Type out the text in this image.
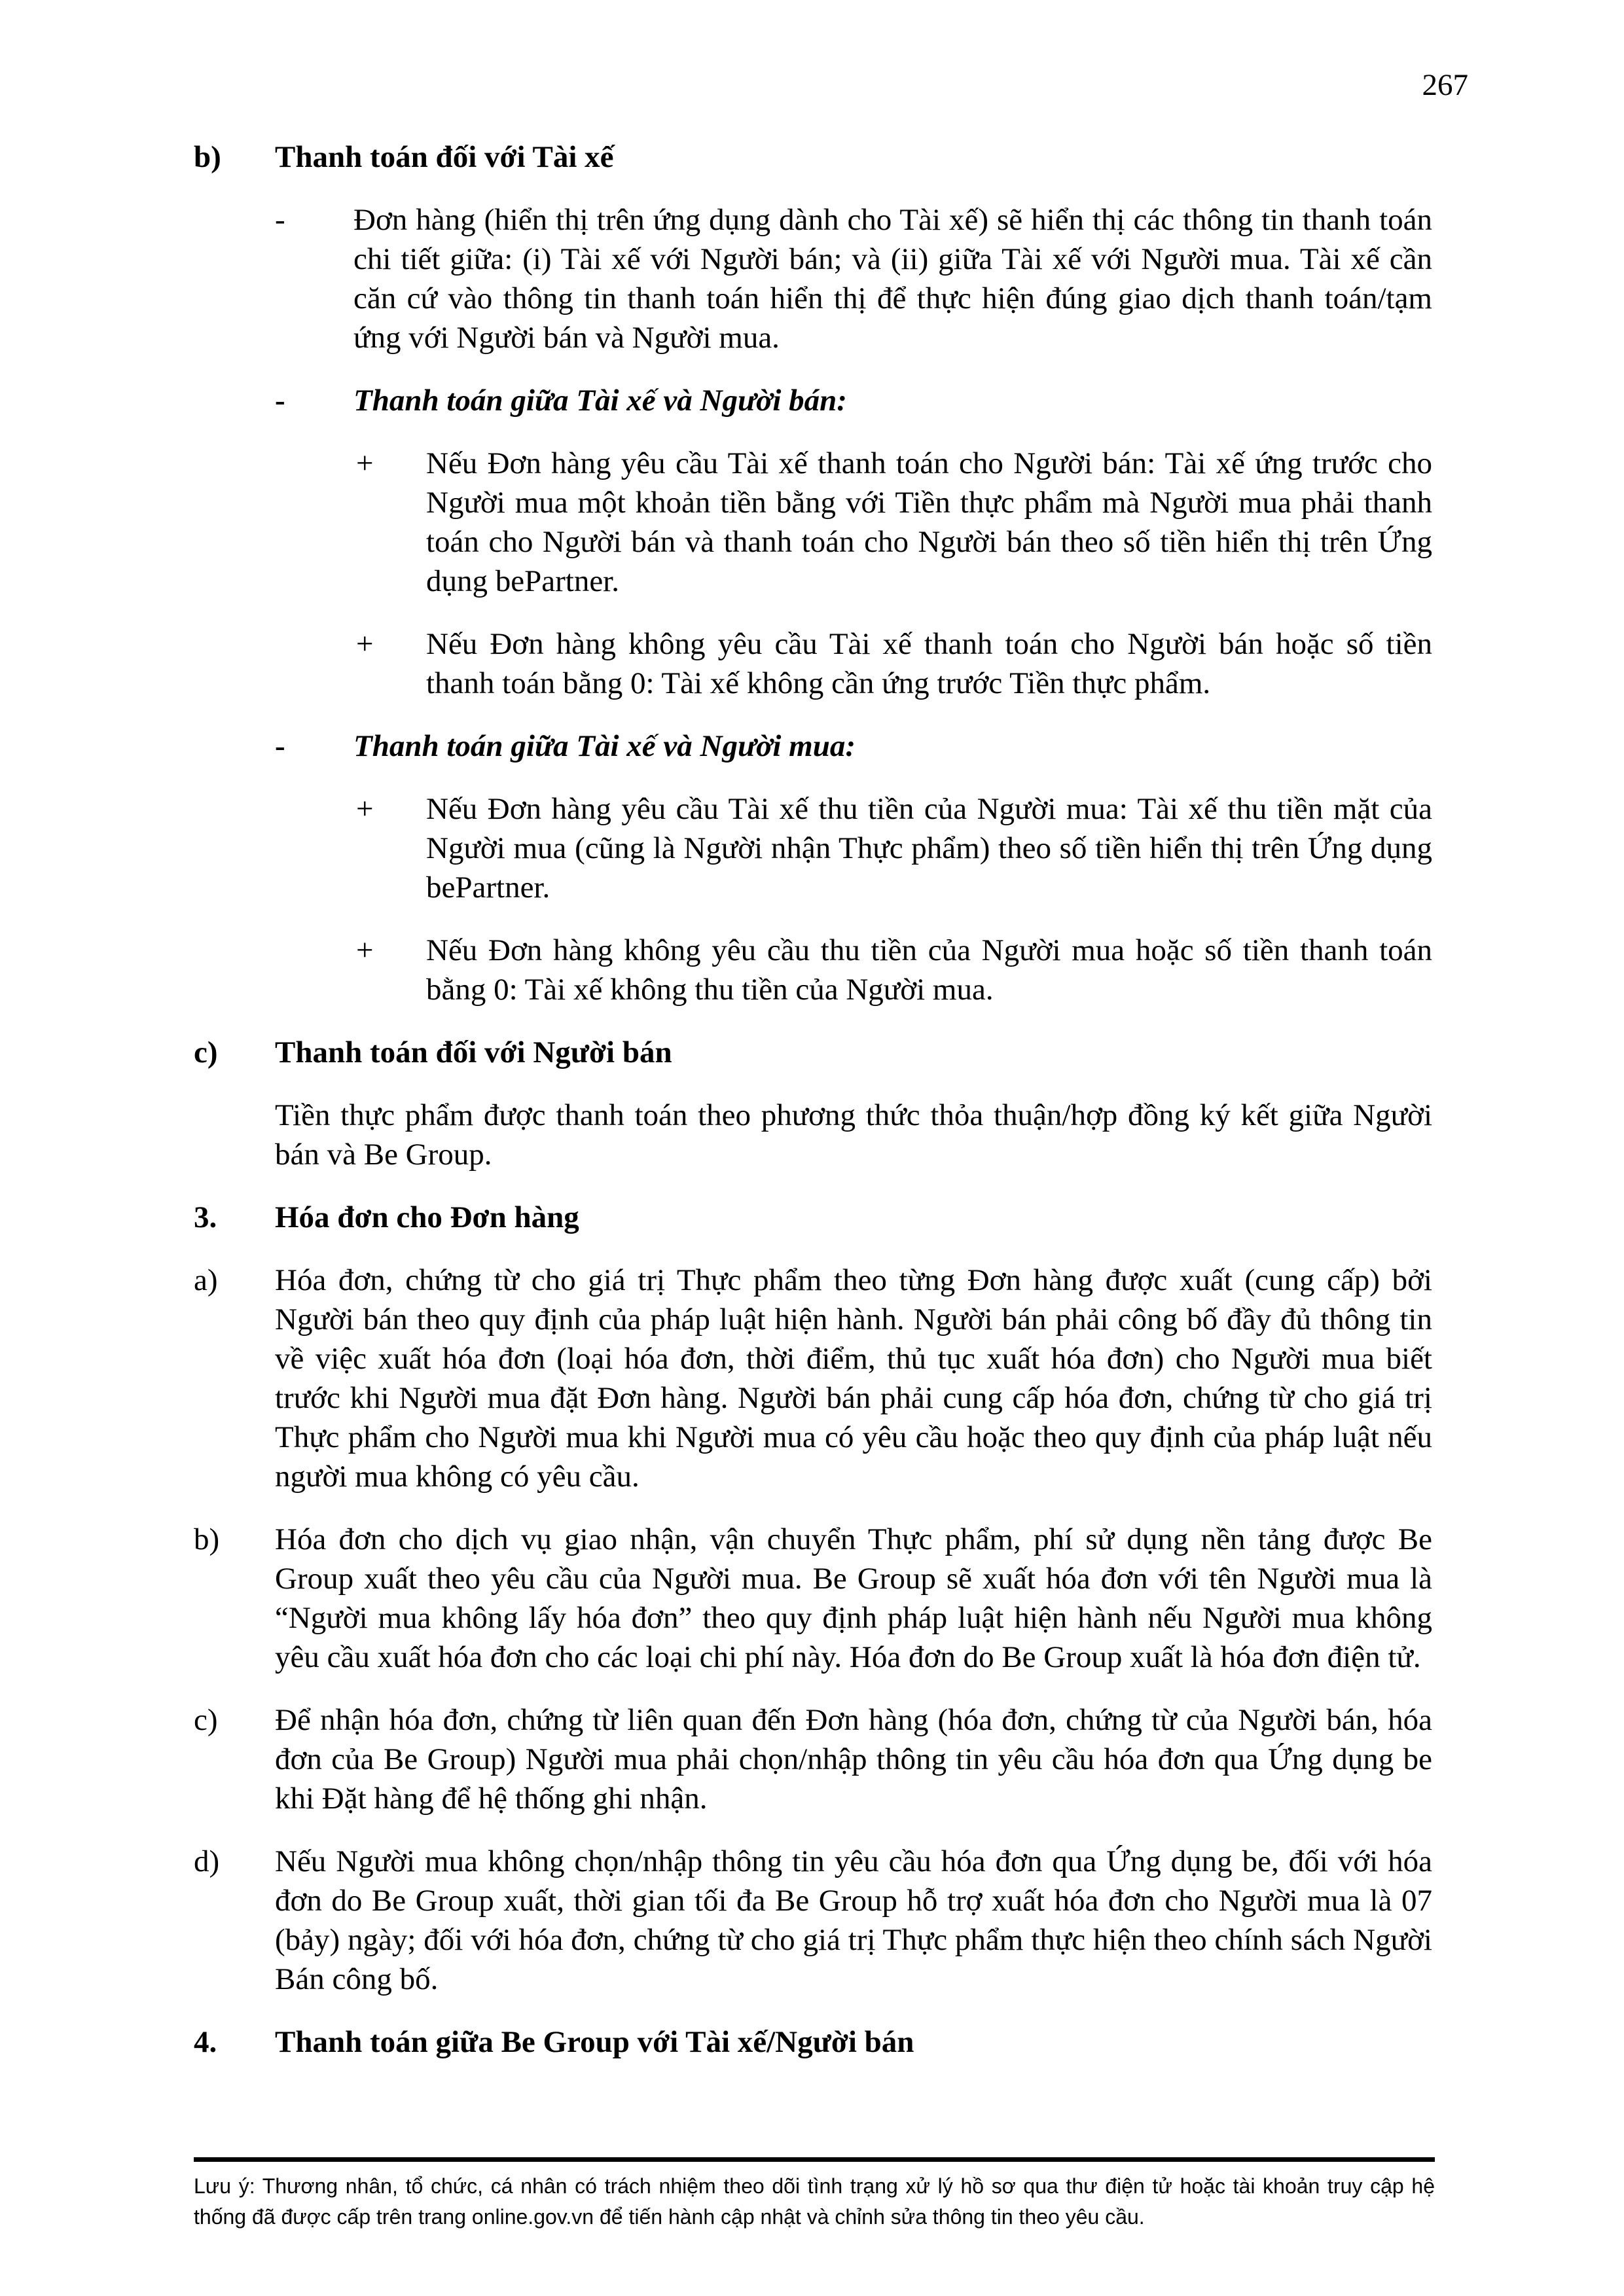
267
b)	Thanh toán đối với Tài xế
-	Đơn hàng (hiển thị trên ứng dụng dành cho Tài xế) sẽ hiển thị các thông tin thanh toán chi tiết giữa: (i) Tài xế với Người bán; và (ii) giữa Tài xế với Người mua. Tài xế cần căn cứ vào thông tin thanh toán hiển thị để thực hiện đúng giao dịch thanh toán/tạm ứng với Người bán và Người mua.
-	Thanh toán giữa Tài xế và Người bán:
+	Nếu Đơn hàng yêu cầu Tài xế thanh toán cho Người bán: Tài xế ứng trước cho Người mua một khoản tiền bằng với Tiền thực phẩm mà Người mua phải thanh toán cho Người bán và thanh toán cho Người bán theo số tiền hiển thị trên Ứng dụng bePartner.
+	Nếu Đơn hàng không yêu cầu Tài xế thanh toán cho Người bán hoặc số tiền thanh toán bằng 0: Tài xế không cần ứng trước Tiền thực phẩm.
-	Thanh toán giữa Tài xế và Người mua:
+	Nếu Đơn hàng yêu cầu Tài xế thu tiền của Người mua: Tài xế thu tiền mặt của Người mua (cũng là Người nhận Thực phẩm) theo số tiền hiển thị trên Ứng dụng bePartner.
+	Nếu Đơn hàng không yêu cầu thu tiền của Người mua hoặc số tiền thanh toán bằng 0: Tài xế không thu tiền của Người mua.
c)	Thanh toán đối với Người bán
Tiền thực phẩm được thanh toán theo phương thức thỏa thuận/hợp đồng ký kết giữa Người bán và Be Group.
3.	Hóa đơn cho Đơn hàng
a)	Hóa đơn, chứng từ cho giá trị Thực phẩm theo từng Đơn hàng được xuất (cung cấp) bởi Người bán theo quy định của pháp luật hiện hành. Người bán phải công bố đầy đủ thông tin về việc xuất hóa đơn (loại hóa đơn, thời điểm, thủ tục xuất hóa đơn) cho Người mua biết trước khi Người mua đặt Đơn hàng. Người bán phải cung cấp hóa đơn, chứng từ cho giá trị Thực phẩm cho Người mua khi Người mua có yêu cầu hoặc theo quy định của pháp luật nếu người mua không có yêu cầu.
b)	Hóa đơn cho dịch vụ giao nhận, vận chuyển Thực phẩm, phí sử dụng nền tảng được Be Group xuất theo yêu cầu của Người mua. Be Group sẽ xuất hóa đơn với tên Người mua là “Người mua không lấy hóa đơn” theo quy định pháp luật hiện hành nếu Người mua không yêu cầu xuất hóa đơn cho các loại chi phí này. Hóa đơn do Be Group xuất là hóa đơn điện tử.
c)	Để nhận hóa đơn, chứng từ liên quan đến Đơn hàng (hóa đơn, chứng từ của Người bán, hóa đơn của Be Group) Người mua phải chọn/nhập thông tin yêu cầu hóa đơn qua Ứng dụng be khi Đặt hàng để hệ thống ghi nhận.
d)	Nếu Người mua không chọn/nhập thông tin yêu cầu hóa đơn qua Ứng dụng be, đối với hóa đơn do Be Group xuất, thời gian tối đa Be Group hỗ trợ xuất hóa đơn cho Người mua là 07 (bảy) ngày; đối với hóa đơn, chứng từ cho giá trị Thực phẩm thực hiện theo chính sách Người Bán công bố.
4.	Thanh toán giữa Be Group với Tài xế/Người bán

Lưu ý: Thương nhân, tổ chức, cá nhân có trách nhiệm theo dõi tình trạng xử lý hồ sơ qua thư điện tử hoặc tài khoản truy cập hệ thống đã được cấp trên trang online.gov.vn để tiến hành cập nhật và chỉnh sửa thông tin theo yêu cầu.
